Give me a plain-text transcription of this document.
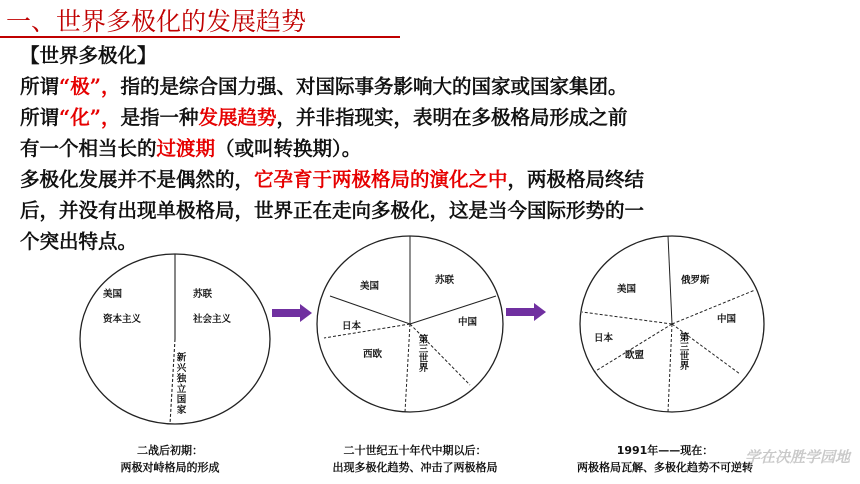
一、世界多极化的发展趋势
【世界多极化】
所谓“极”，指的是综合国力强、对国际事务影响大的国家或国家集团。
所谓“化”，是指一种发展趋势，并非指现实，表明在多极格局形成之前
有一个相当长的过渡期（或叫转换期）。
多极化发展并不是偶然的，它孕育于两极格局的演化之中，两极格局终结
后，并没有出现单极格局，世界正在走向多极化，这是当今国际形势的一
个突出特点。
美国
资本主义
苏联
社会主义
新兴独立国家
美国
苏联
日本
西欧	第三世界
中国
美国
俄罗斯
中国
日本
欧盟	第三世界
二战后初期：
两极对峙格局的形成
二十世纪五十年代中期以后：
出现多极化趋势、冲击了两极格局
1991年——现在：
两极格局瓦解、多极化趋势不可逆转
学在决胜学园地
